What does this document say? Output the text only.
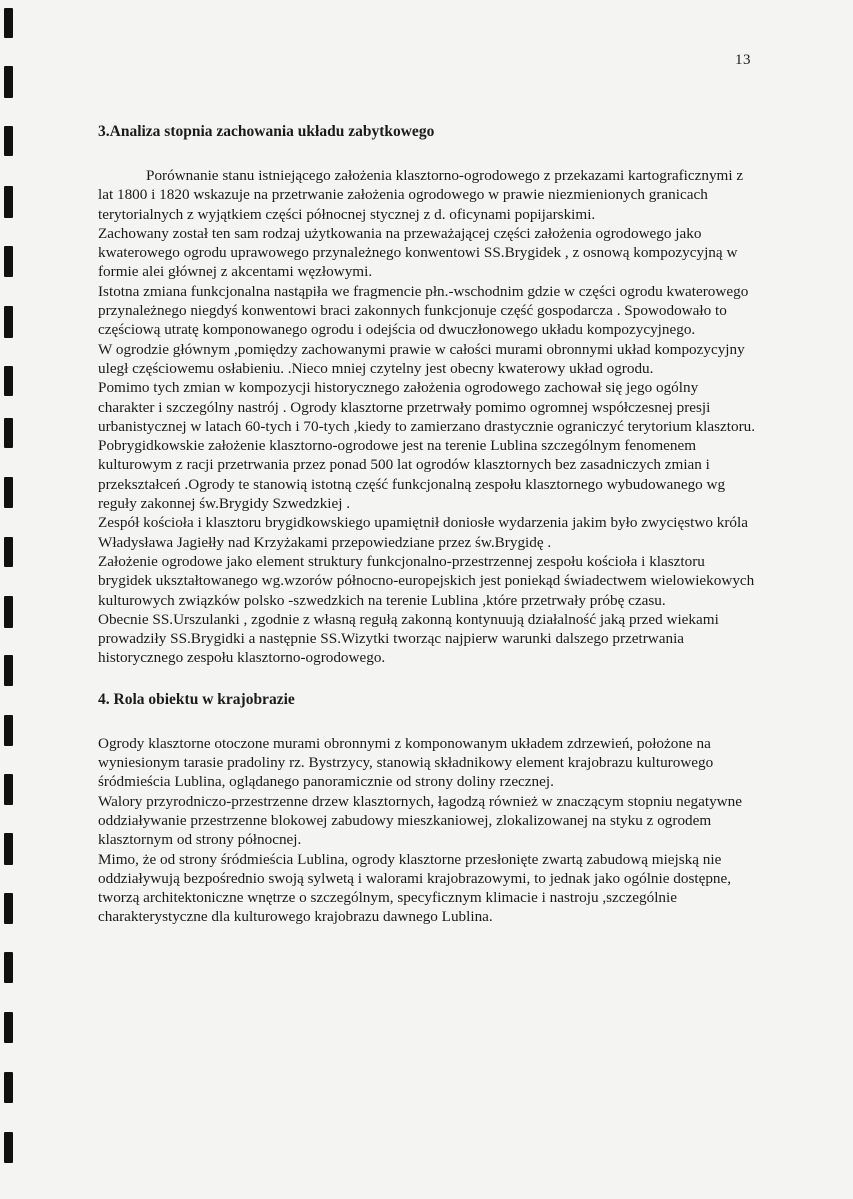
13
3.Analiza stopnia zachowania układu zabytkowego

Porównanie stanu istniejącego założenia klasztorno-ogrodowego z przekazami kartograficznymi z lat 1800 i 1820 wskazuje na przetrwanie założenia ogrodowego w prawie niezmienionych granicach terytorialnych z wyjątkiem części północnej stycznej z d. oficynami popijarskimi.

Zachowany został ten sam rodzaj użytkowania na przeważającej części założenia ogrodowego jako kwaterowego ogrodu uprawowego przynależnego konwentowi SS.Brygidek , z osnową kompozycyjną w formie alei głównej z akcentami węzłowymi.

Istotna zmiana funkcjonalna nastąpiła we fragmencie płn.-wschodnim gdzie w części ogrodu kwaterowego przynależnego niegdyś konwentowi braci zakonnych funkcjonuje część gospodarcza . Spowodowało to częściową utratę komponowanego ogrodu i odejścia od dwuczłonowego układu kompozycyjnego.

W ogrodzie głównym ,pomiędzy zachowanymi prawie w całości murami obronnymi układ kompozycyjny uległ częściowemu osłabieniu. .Nieco mniej czytelny jest obecny kwaterowy układ ogrodu.

Pomimo tych zmian w kompozycji historycznego założenia ogrodowego zachował się jego ogólny charakter i szczególny nastrój . Ogrody klasztorne przetrwały pomimo ogromnej współczesnej presji urbanistycznej w latach 60-tych i 70-tych ,kiedy to zamierzano drastycznie ograniczyć terytorium klasztoru.

Pobrygidkowskie założenie klasztorno-ogrodowe jest na terenie Lublina szczególnym fenomenem kulturowym z racji przetrwania przez ponad 500 lat ogrodów klasztornych bez zasadniczych zmian i przekształceń .Ogrody te stanowią istotną część funkcjonalną zespołu klasztornego wybudowanego wg reguły zakonnej św.Brygidy Szwedzkiej .

Zespół kościoła i klasztoru brygidkowskiego upamiętnił doniosłe wydarzenia jakim było zwycięstwo króla Władysława Jagiełły nad Krzyżakami przepowiedziane przez św.Brygidę .

Założenie ogrodowe jako element struktury funkcjonalno-przestrzennej zespołu kościoła i klasztoru brygidek ukształtowanego wg.wzorów północno-europejskich jest poniekąd świadectwem wielowiekowych kulturowych związków polsko -szwedzkich na terenie Lublina ,które przetrwały próbę czasu.

Obecnie SS.Urszulanki , zgodnie z własną regułą zakonną kontynuują działalność jaką przed wiekami prowadziły SS.Brygidki a następnie SS.Wizytki tworząc najpierw warunki dalszego przetrwania historycznego zespołu klasztorno-ogrodowego.

4. Rola obiektu w krajobrazie

Ogrody klasztorne otoczone murami obronnymi z komponowanym układem zdrzewień, położone na wyniesionym tarasie pradoliny rz. Bystrzycy, stanowią składnikowy element krajobrazu kulturowego śródmieścia Lublina, oglądanego panoramicznie od strony doliny rzecznej.

Walory przyrodniczo-przestrzenne drzew klasztornych, łagodzą również w znaczącym stopniu negatywne oddziaływanie przestrzenne blokowej zabudowy mieszkaniowej, zlokalizowanej na styku z ogrodem klasztornym od strony północnej.

Mimo, że od strony śródmieścia Lublina, ogrody klasztorne przesłonięte zwartą zabudową miejską nie oddziaływują bezpośrednio swoją sylwetą i walorami krajobrazowymi, to jednak jako ogólnie dostępne, tworzą architektoniczne wnętrze o szczególnym, specyficznym klimacie i nastroju ,szczególnie charakterystyczne dla kulturowego krajobrazu dawnego Lublina.
